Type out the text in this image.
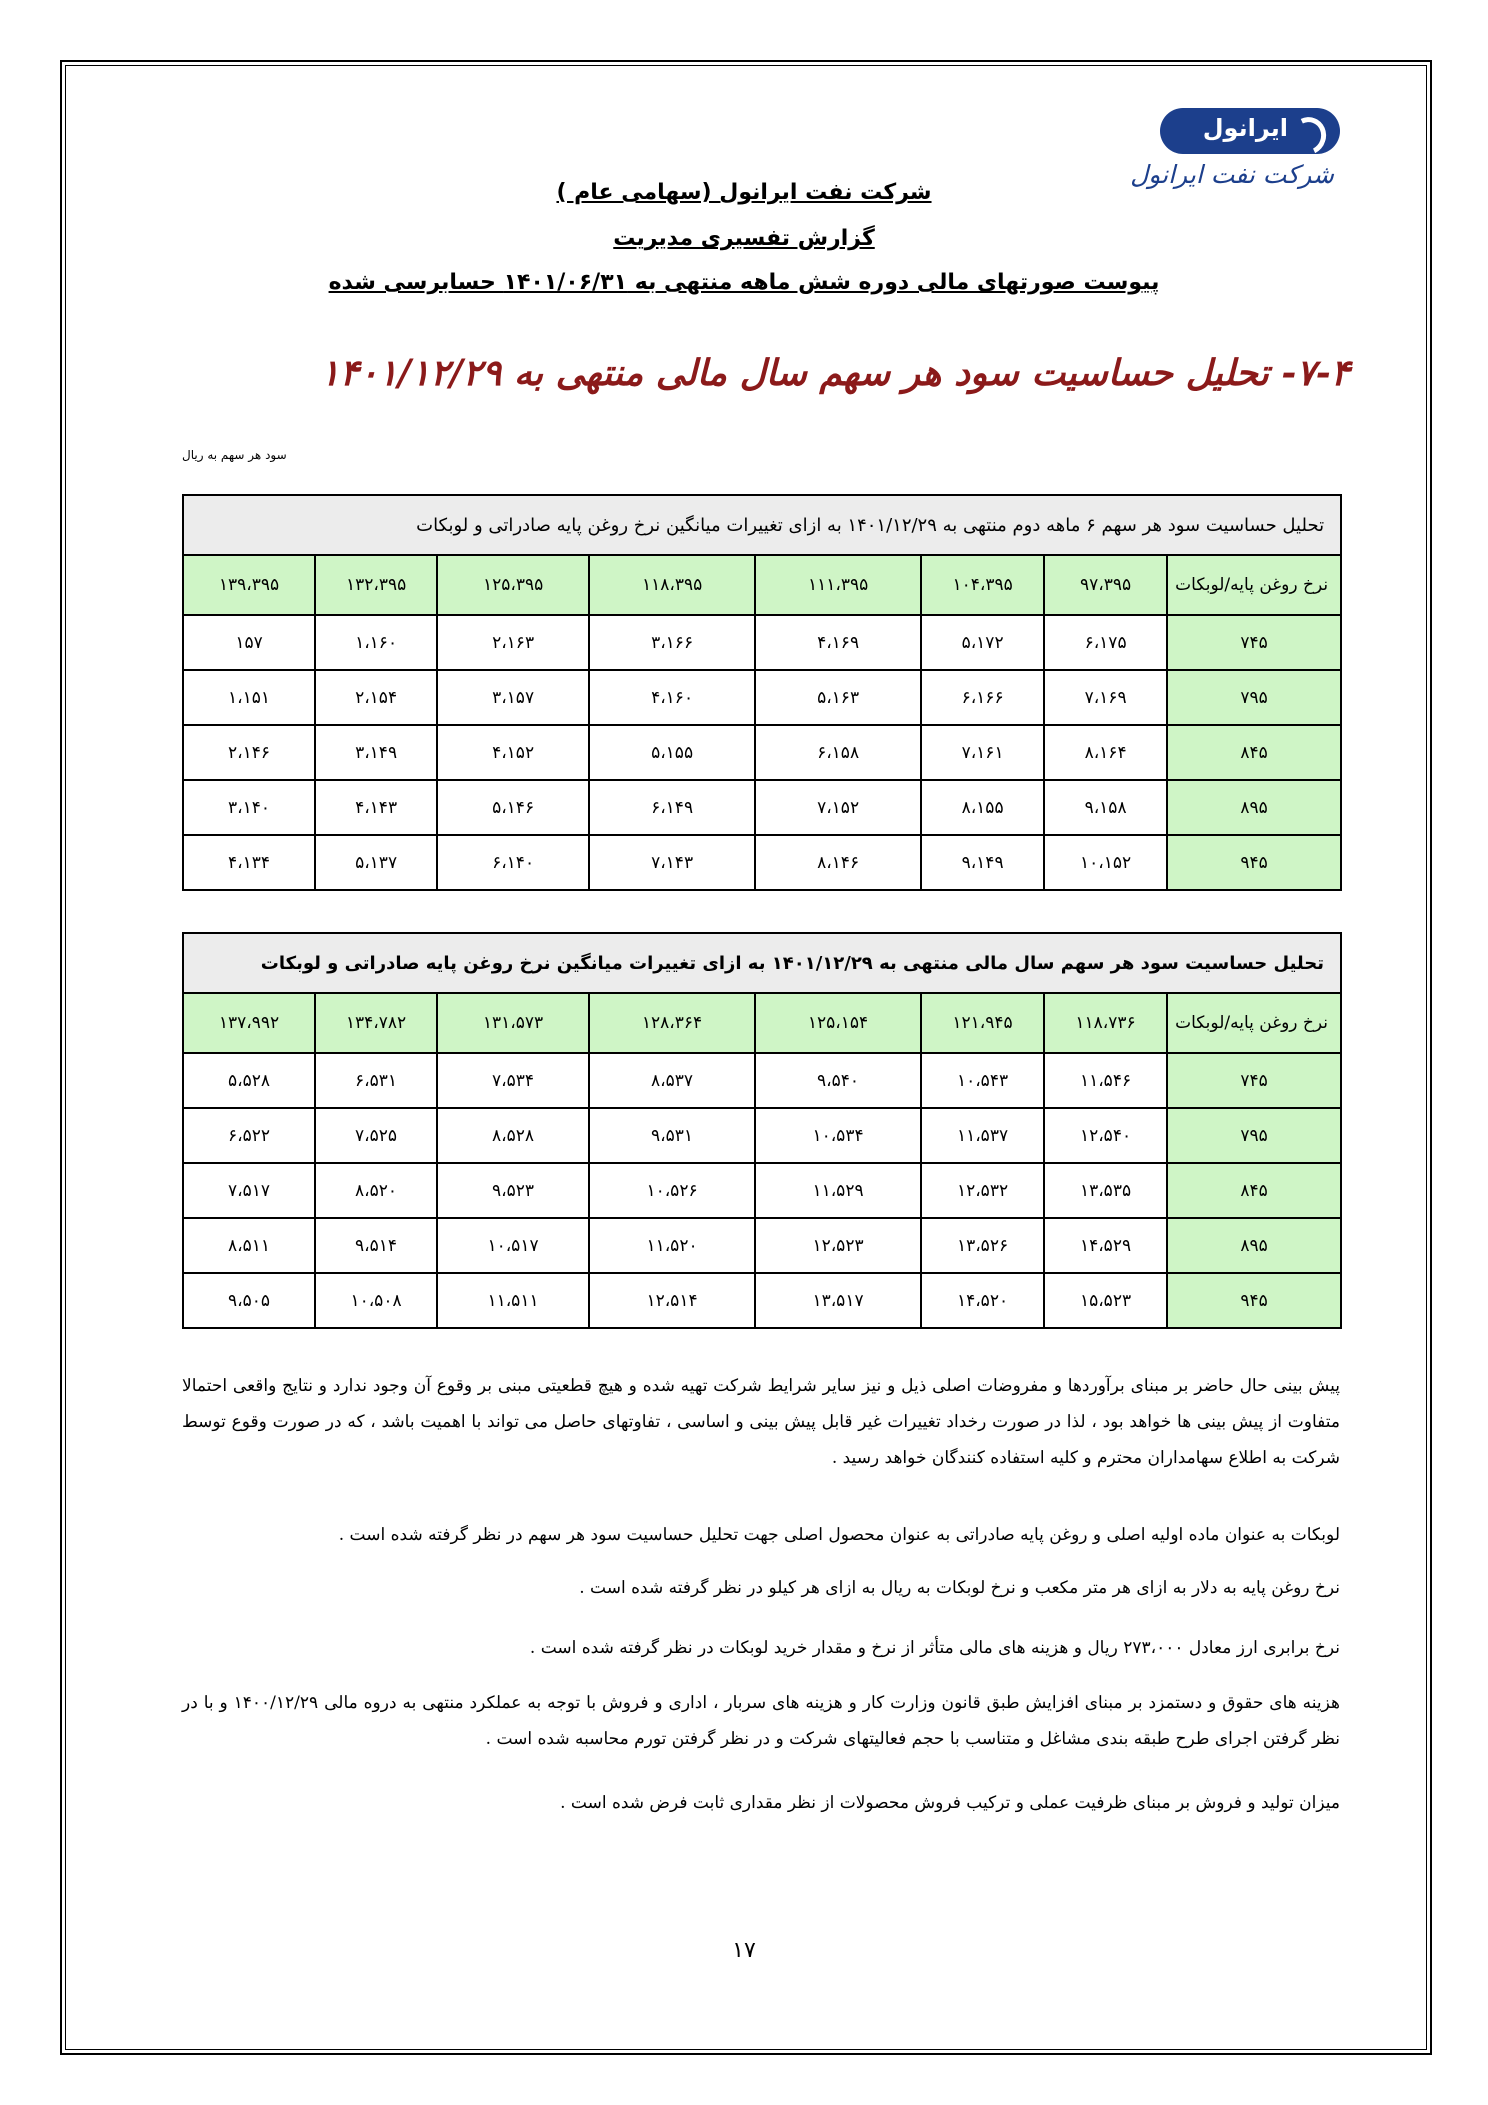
ایرانول
شرکت نفت ایرانول
شرکت نفت ایرانول (سهامی عام )
گزارش تفسیری مدیریت
پیوست صورتهای مالی دوره شش ماهه منتهی به ۱۴۰۱/۰۶/۳۱ حسابرسی شده
۷-۴- تحلیل حساسیت سود هر سهم سال مالی منتهی به ۱۴۰۱/۱۲/۲۹
سود هر سهم به ریال
تحلیل حساسیت سود هر سهم ۶ ماهه دوم منتهی به ۱۴۰۱/۱۲/۲۹ به ازای تغییرات میانگین نرخ روغن پایه صادراتی و لوبکات							
نرخ روغن پایه/لوبکات	۹۷،۳۹۵	۱۰۴،۳۹۵	۱۱۱،۳۹۵	۱۱۸،۳۹۵	۱۲۵،۳۹۵	۱۳۲،۳۹۵	۱۳۹،۳۹۵
۷۴۵	۶،۱۷۵	۵،۱۷۲	۴،۱۶۹	۳،۱۶۶	۲،۱۶۳	۱،۱۶۰	۱۵۷
۷۹۵	۷،۱۶۹	۶،۱۶۶	۵،۱۶۳	۴،۱۶۰	۳،۱۵۷	۲،۱۵۴	۱،۱۵۱
۸۴۵	۸،۱۶۴	۷،۱۶۱	۶،۱۵۸	۵،۱۵۵	۴،۱۵۲	۳،۱۴۹	۲،۱۴۶
۸۹۵	۹،۱۵۸	۸،۱۵۵	۷،۱۵۲	۶،۱۴۹	۵،۱۴۶	۴،۱۴۳	۳،۱۴۰
۹۴۵	۱۰،۱۵۲	۹،۱۴۹	۸،۱۴۶	۷،۱۴۳	۶،۱۴۰	۵،۱۳۷	۴،۱۳۴
تحلیل حساسیت سود هر سهم سال مالی منتهی به ۱۴۰۱/۱۲/۲۹ به ازای تغییرات میانگین نرخ روغن پایه صادراتی و لوبکات							
نرخ روغن پایه/لوبکات	۱۱۸،۷۳۶	۱۲۱،۹۴۵	۱۲۵،۱۵۴	۱۲۸،۳۶۴	۱۳۱،۵۷۳	۱۳۴،۷۸۲	۱۳۷،۹۹۲
۷۴۵	۱۱،۵۴۶	۱۰،۵۴۳	۹،۵۴۰	۸،۵۳۷	۷،۵۳۴	۶،۵۳۱	۵،۵۲۸
۷۹۵	۱۲،۵۴۰	۱۱،۵۳۷	۱۰،۵۳۴	۹،۵۳۱	۸،۵۲۸	۷،۵۲۵	۶،۵۲۲
۸۴۵	۱۳،۵۳۵	۱۲،۵۳۲	۱۱،۵۲۹	۱۰،۵۲۶	۹،۵۲۳	۸،۵۲۰	۷،۵۱۷
۸۹۵	۱۴،۵۲۹	۱۳،۵۲۶	۱۲،۵۲۳	۱۱،۵۲۰	۱۰،۵۱۷	۹،۵۱۴	۸،۵۱۱
۹۴۵	۱۵،۵۲۳	۱۴،۵۲۰	۱۳،۵۱۷	۱۲،۵۱۴	۱۱،۵۱۱	۱۰،۵۰۸	۹،۵۰۵
پیش بینی حال حاضر بر مبنای برآوردها و مفروضات اصلی ذیل و نیز سایر شرایط شرکت تهیه شده و هیچ قطعیتی مبنی بر وقوع آن وجود ندارد و نتایج واقعی احتمالا متفاوت از پیش بینی ها خواهد بود ، لذا در صورت رخداد تغییرات غیر قابل پیش بینی و اساسی ، تفاوتهای حاصل می تواند با اهمیت باشد ، که در صورت وقوع توسط شرکت به اطلاع سهامداران محترم و کلیه استفاده کنندگان خواهد رسید .
لوبکات به عنوان ماده اولیه اصلی و روغن پایه صادراتی به عنوان محصول اصلی جهت تحلیل حساسیت سود هر سهم در نظر گرفته شده است .
نرخ روغن پایه به دلار به ازای هر متر مکعب و نرخ لوبکات به ریال به ازای هر کیلو در نظر گرفته شده است .
نرخ برابری ارز معادل ۲۷۳،۰۰۰ ریال و هزینه های مالی متأثر از نرخ و مقدار خرید لوبکات در نظر گرفته شده است .
هزینه های حقوق و دستمزد بر مبنای افزایش طبق قانون وزارت کار و هزینه های سربار ، اداری و فروش با توجه به عملکرد منتهی به دروه مالی ۱۴۰۰/۱۲/۲۹ و با در نظر گرفتن اجرای طرح طبقه بندی مشاغل و متناسب با حجم فعالیتهای شرکت و در نظر گرفتن تورم محاسبه شده است .
میزان تولید و فروش بر مبنای ظرفیت عملی و ترکیب فروش محصولات از نظر مقداری ثابت فرض شده است .
۱۷
